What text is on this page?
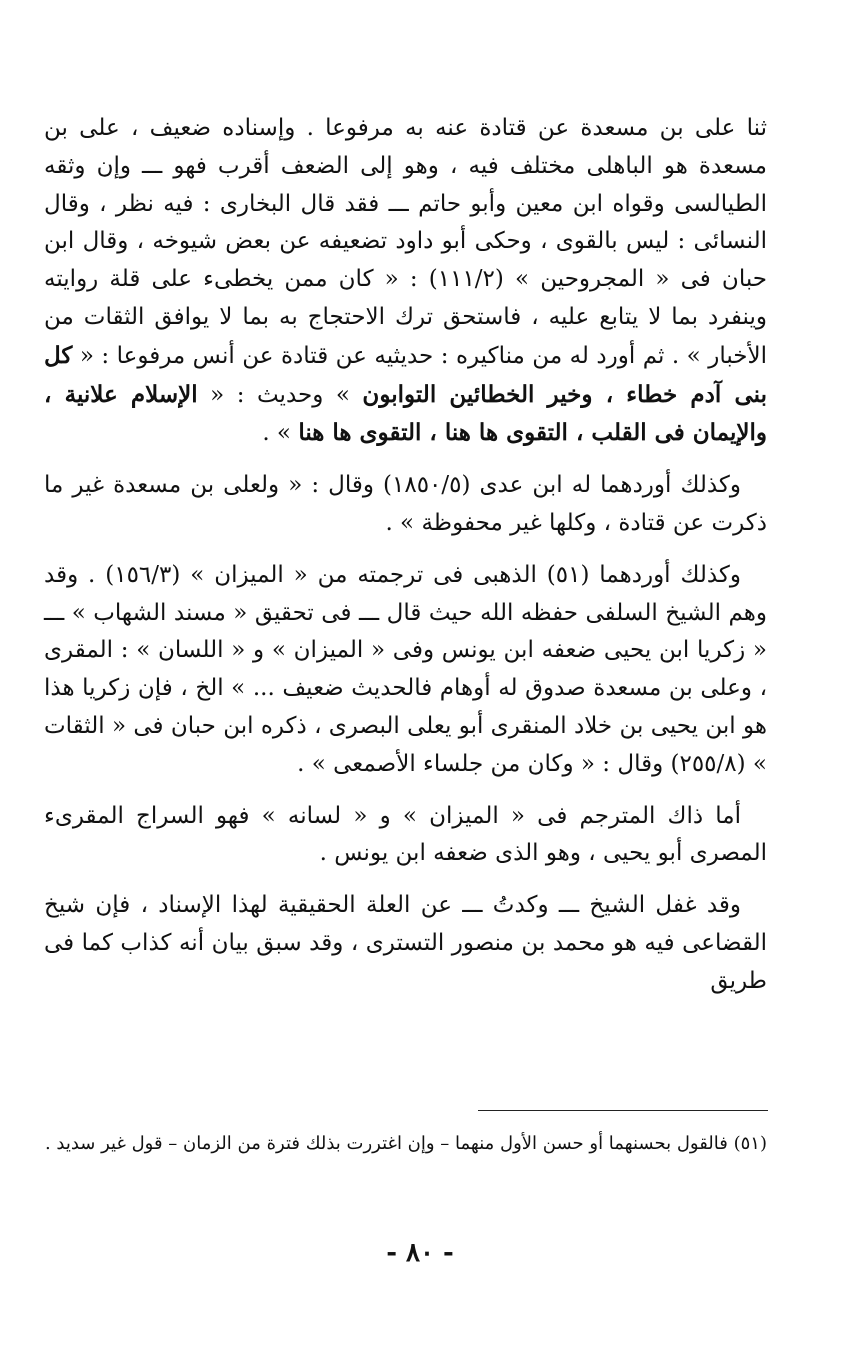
ثنا على بن مسعدة عن قتادة عنه به مرفوعا . وإسناده ضعيف ، على بن مسعدة هو الباهلى مختلف فيه ، وهو إلى الضعف أقرب فهو ـــ وإن وثقه الطيالسى وقواه ابن معين وأبو حاتم ـــ فقد قال البخارى : فيه نظر ، وقال النسائى : ليس بالقوى ، وحكى أبو داود تضعيفه عن بعض شيوخه ، وقال ابن حبان فى « المجروحين » (١١١/٢) : « كان ممن يخطىء على قلة روايته وينفرد بما لا يتابع عليه ، فاستحق ترك الاحتجاج به بما لا يوافق الثقات من الأخبار » . ثم أورد له من مناكيره : حديثيه عن قتادة عن أنس مرفوعا : « كل بنى آدم خطاء ، وخير الخطائين التوابون » وحديث : « الإسلام علانية ، والإيمان فى القلب ، التقوى ها هنا ، التقوى ها هنا » .

وكذلك أوردهما له ابن عدى (١٨٥٠/٥) وقال : « ولعلى بن مسعدة غير ما ذكرت عن قتادة ، وكلها غير محفوظة » .

وكذلك أوردهما (٥١) الذهبى فى ترجمته من « الميزان » (١٥٦/٣) . وقد وهم الشيخ السلفى حفظه الله حيث قال ـــ فى تحقيق « مسند الشهاب » ـــ « زكريا ابن يحيى ضعفه ابن يونس وفى « الميزان » و « اللسان » : المقرى ، وعلى بن مسعدة صدوق له أوهام فالحديث ضعيف ... » الخ ، فإن زكريا هذا هو ابن يحيى بن خلاد المنقرى أبو يعلى البصرى ، ذكره ابن حبان فى « الثقات » (٢٥٥/٨) وقال : « وكان من جلساء الأصمعى » .

أما ذاك المترجم فى « الميزان » و « لسانه » فهو السراج المقرىء المصرى أبو يحيى ، وهو الذى ضعفه ابن يونس .

وقد غفل الشيخ ـــ وكدتُ ـــ عن العلة الحقيقية لهذا الإسناد ، فإن شيخ القضاعى فيه هو محمد بن منصور التسترى ، وقد سبق بيان أنه كذاب كما فى طريق

(٥١) فالقول بحسنهما أو حسن الأول منهما – وإن اغتررت بذلك فترة من الزمان – قول غير سديد .
- ٨٠ -
